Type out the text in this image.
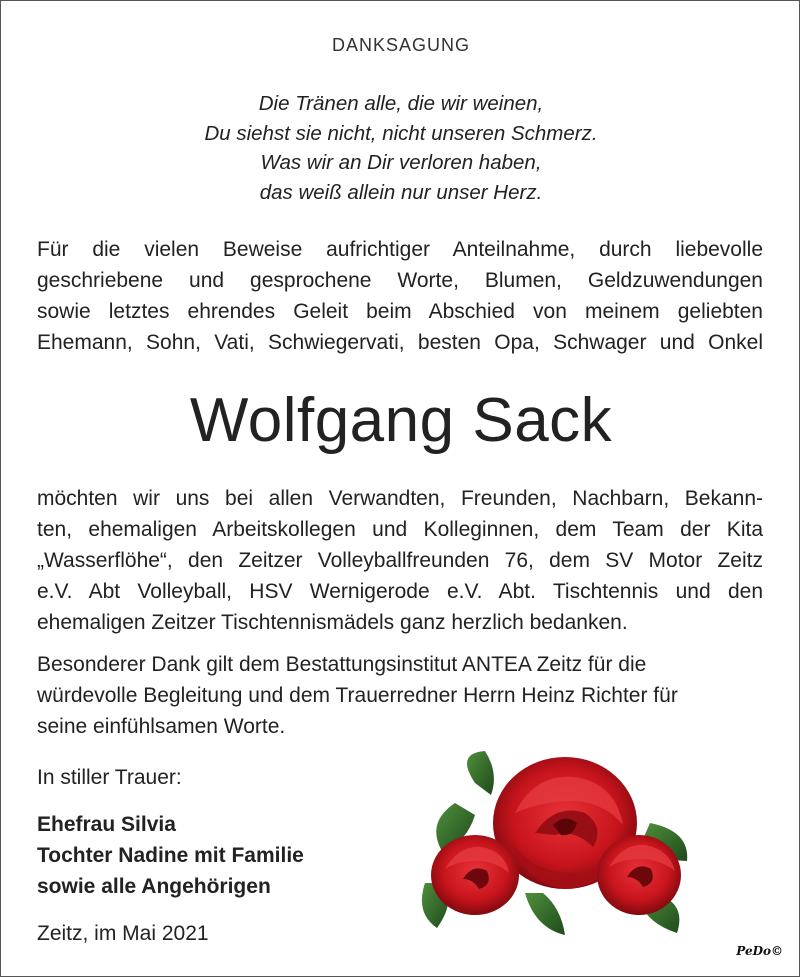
DANKSAGUNG
Die Tränen alle, die wir weinen,
Du siehst sie nicht, nicht unseren Schmerz.
Was wir an Dir verloren haben,
das weiß allein nur unser Herz.
Für die vielen Beweise aufrichtiger Anteilnahme, durch liebevolle
geschriebene und gesprochene Worte, Blumen, Geldzuwendungen
sowie letztes ehrendes Geleit beim Abschied von meinem geliebten
Ehemann, Sohn, Vati, Schwiegervati, besten Opa, Schwager und Onkel
Wolfgang Sack
möchten wir uns bei allen Verwandten, Freunden, Nachbarn, Bekann-
ten, ehemaligen Arbeitskollegen und Kolleginnen, dem Team der Kita
„Wasserflöhe“, den Zeitzer Volleyballfreunden 76, dem SV Motor Zeitz
e.V. Abt Volleyball, HSV Wernigerode e.V. Abt. Tischtennis und den
ehemaligen Zeitzer Tischtennismädels ganz herzlich bedanken.
Besonderer Dank gilt dem Bestattungsinstitut ANTEA Zeitz für die
würdevolle Begleitung und dem Trauerredner Herrn Heinz Richter für
seine einfühlsamen Worte.
In stiller Trauer:
Ehefrau Silvia
Tochter Nadine mit Familie
sowie alle Angehörigen
Zeitz, im Mai 2021
PeDo©
